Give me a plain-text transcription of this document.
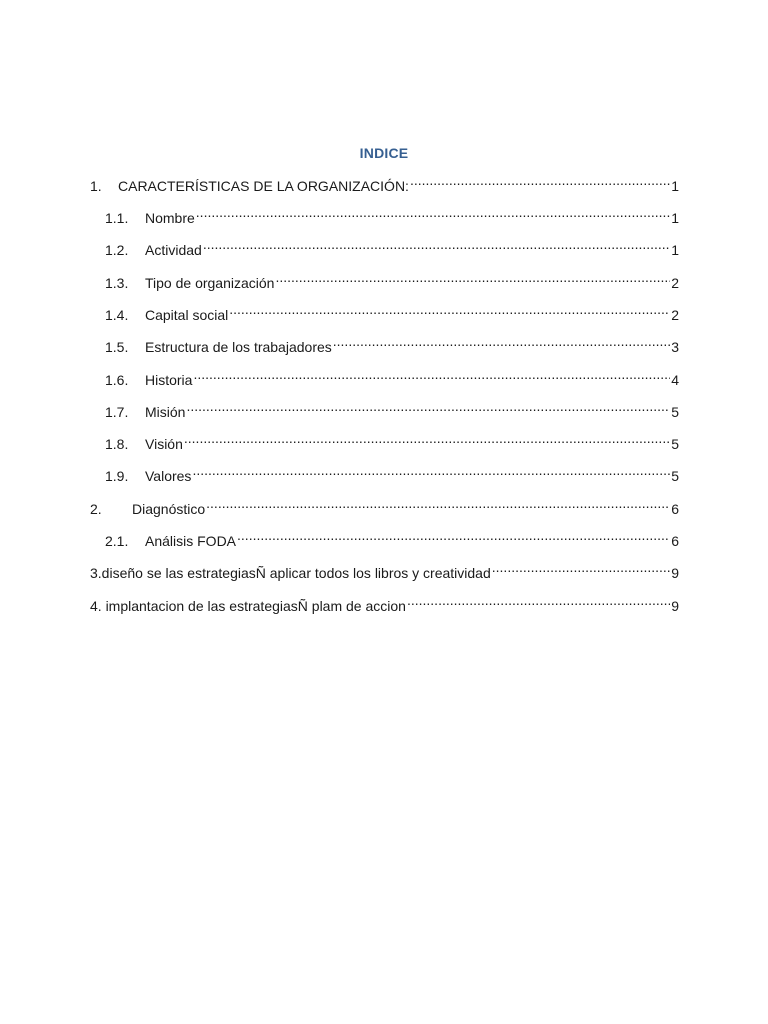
INDICE
1.	CARACTERÍSTICAS DE LA ORGANIZACIÓN: .....	1
1.1.	Nombre .....	1
1.2.	Actividad .....	1
1.3.	Tipo de organización .....	2
1.4.	Capital social .....	2
1.5.	Estructura de los trabajadores .....	3
1.6.	Historia .....	4
1.7.	Misión .....	5
1.8.	Visión .....	5
1.9.	Valores .....	5
2.	Diagnóstico .....	6
2.1.	Análisis FODA .....	6
3.diseño se las estrategiasÑ aplicar todos los libros y creatividad .....	9
4. implantacion de las estrategiasÑ plam de accion .....	9
